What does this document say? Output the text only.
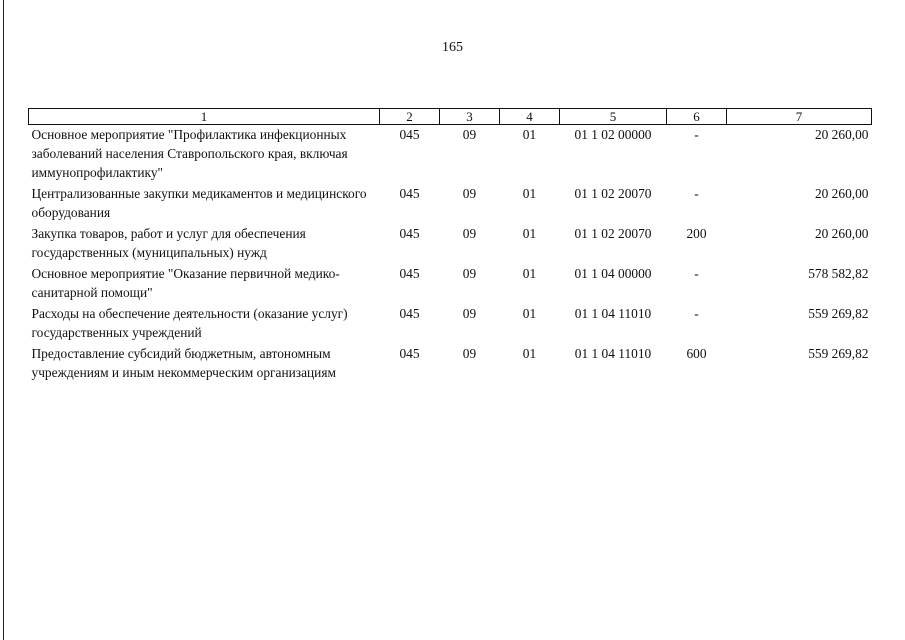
165
1	2	3	4	5	6	7
Основное мероприятие "Профилактика инфекционных заболеваний населения Ставропольского края, включая иммунопрофилактику"	045	09	01	01 1 02 00000	-	20 260,00
Централизованные закупки медикаментов и медицинского оборудования	045	09	01	01 1 02 20070	-	20 260,00
Закупка товаров, работ и услуг для обеспечения государственных (муниципальных) нужд	045	09	01	01 1 02 20070	200	20 260,00
Основное мероприятие "Оказание первичной медико-санитарной помощи"	045	09	01	01 1 04 00000	-	578 582,82
Расходы на обеспечение деятельности (оказание услуг) государственных учреждений	045	09	01	01 1 04 11010	-	559 269,82
Предоставление субсидий бюджетным, автономным учреждениям и иным некоммерческим организациям	045	09	01	01 1 04 11010	600	559 269,82
